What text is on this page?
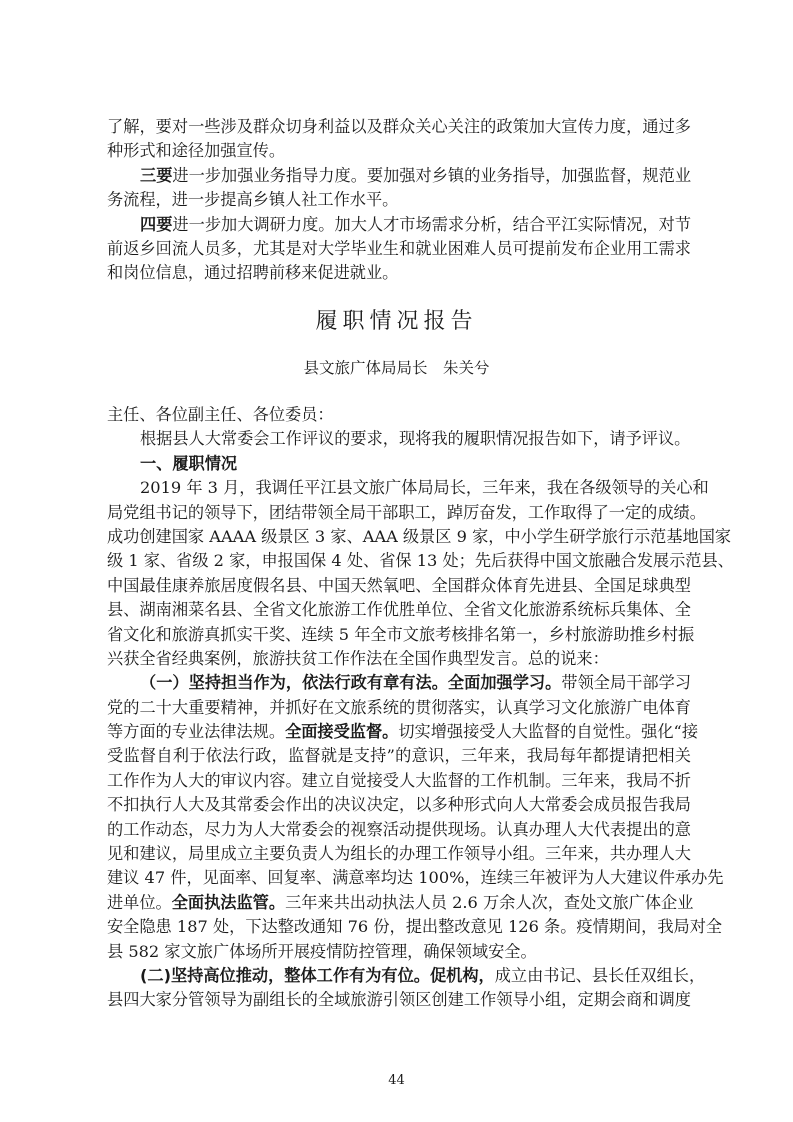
了解，要对一些涉及群众切身利益以及群众关心关注的政策加大宣传力度，通过多
种形式和途径加强宣传。
三要进一步加强业务指导力度。要加强对乡镇的业务指导，加强监督，规范业
务流程，进一步提高乡镇人社工作水平。
四要进一步加大调研力度。加大人才市场需求分析，结合平江实际情况，对节
前返乡回流人员多，尤其是对大学毕业生和就业困难人员可提前发布企业用工需求
和岗位信息，通过招聘前移来促进就业。
履职情况报告
县文旅广体局局长　朱关兮
主任、各位副主任、各位委员：
根据县人大常委会工作评议的要求，现将我的履职情况报告如下，请予评议。
一、履职情况
2019 年 3 月，我调任平江县文旅广体局局长，三年来，我在各级领导的关心和
局党组书记的领导下，团结带领全局干部职工，踔厉奋发，工作取得了一定的成绩。
成功创建国家 AAAA 级景区 3 家、AAA 级景区 9 家，中小学生研学旅行示范基地国家
级 1 家、省级 2 家，申报国保 4 处、省保 13 处；先后获得中国文旅融合发展示范县、
中国最佳康养旅居度假名县、中国天然氧吧、全国群众体育先进县、全国足球典型
县、湖南湘菜名县、全省文化旅游工作优胜单位、全省文化旅游系统标兵集体、全
省文化和旅游真抓实干奖、连续 5 年全市文旅考核排名第一，乡村旅游助推乡村振
兴获全省经典案例，旅游扶贫工作作法在全国作典型发言。总的说来：
（一）坚持担当作为，依法行政有章有法。全面加强学习。带领全局干部学习
党的二十大重要精神，并抓好在文旅系统的贯彻落实，认真学习文化旅游广电体育
等方面的专业法律法规。全面接受监督。切实增强接受人大监督的自觉性。强化“接
受监督自利于依法行政，监督就是支持”的意识，三年来，我局每年都提请把相关
工作作为人大的审议内容。建立自觉接受人大监督的工作机制。三年来，我局不折
不扣执行人大及其常委会作出的决议决定，以多种形式向人大常委会成员报告我局
的工作动态，尽力为人大常委会的视察活动提供现场。认真办理人大代表提出的意
见和建议，局里成立主要负责人为组长的办理工作领导小组。三年来，共办理人大
建议 47 件，见面率、回复率、满意率均达 100%，连续三年被评为人大建议件承办先
进单位。全面执法监管。三年来共出动执法人员 2.6 万余人次，查处文旅广体企业
安全隐患 187 处，下达整改通知 76 份，提出整改意见 126 条。疫情期间，我局对全
县 582 家文旅广体场所开展疫情防控管理，确保领域安全。
(二)坚持高位推动，整体工作有为有位。促机构，成立由书记、县长任双组长，
县四大家分管领导为副组长的全域旅游引领区创建工作领导小组，定期会商和调度
44
